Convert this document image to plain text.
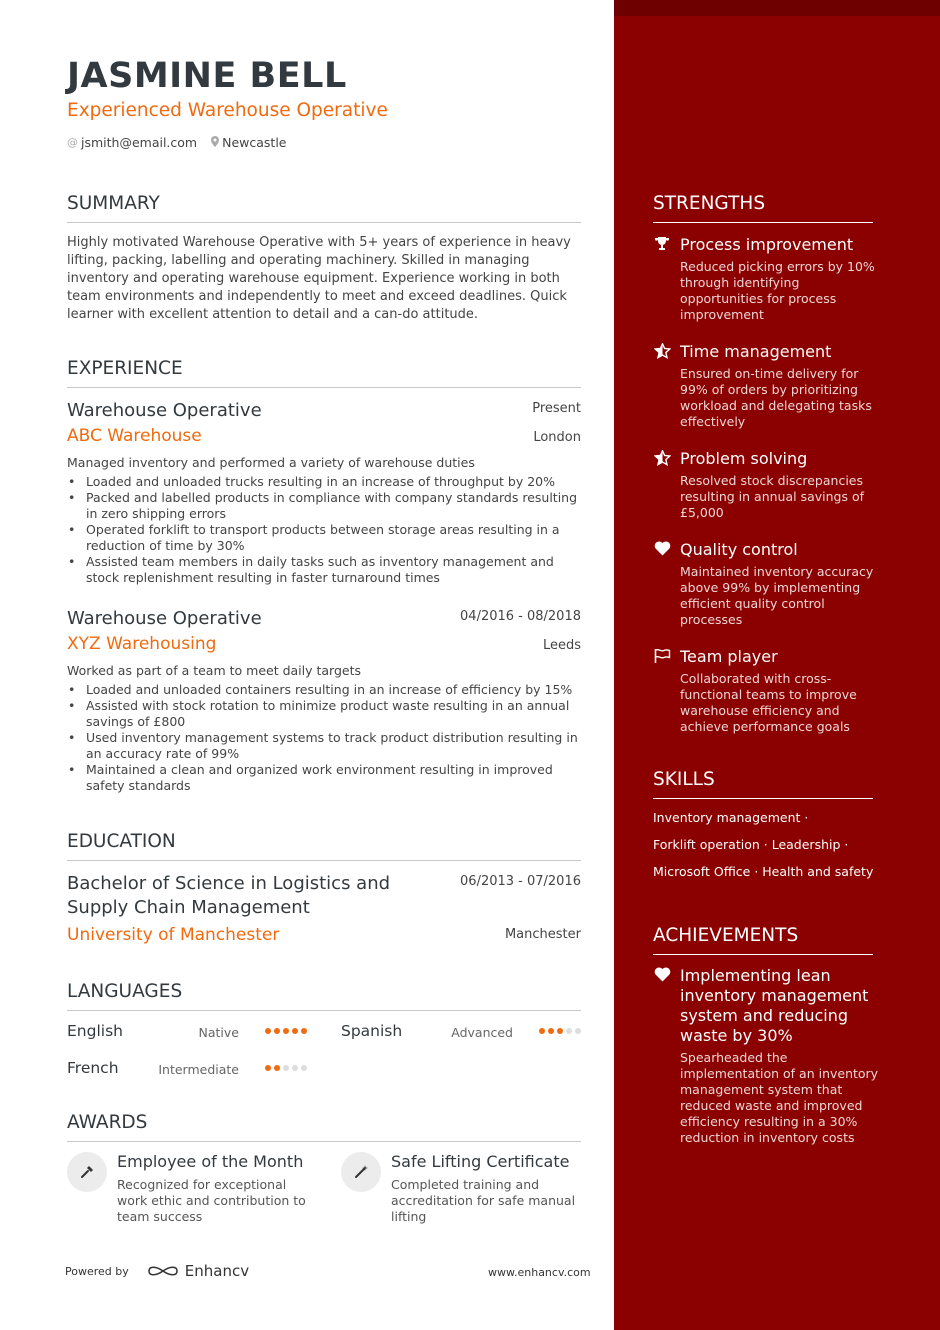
JASMINE BELL
Experienced Warehouse Operative
@ jsmith@email.com Newcastle
SUMMARY
Highly motivated Warehouse Operative with 5+ years of experience in heavy lifting, packing, labelling and operating machinery. Skilled in managing inventory and operating warehouse equipment. Experience working in both team environments and independently to meet and exceed deadlines. Quick learner with excellent attention to detail and a can-do attitude.
EXPERIENCE
Warehouse Operative	Present
ABC Warehouse	London
Managed inventory and performed a variety of warehouse duties
• Loaded and unloaded trucks resulting in an increase of throughput by 20%
• Packed and labelled products in compliance with company standards resulting in zero shipping errors
• Operated forklift to transport products between storage areas resulting in a reduction of time by 30%
• Assisted team members in daily tasks such as inventory management and stock replenishment resulting in faster turnaround times
Warehouse Operative	04/2016 - 08/2018
XYZ Warehousing	Leeds
Worked as part of a team to meet daily targets
• Loaded and unloaded containers resulting in an increase of efficiency by 15%
• Assisted with stock rotation to minimize product waste resulting in an annual savings of £800
• Used inventory management systems to track product distribution resulting in an accuracy rate of 99%
• Maintained a clean and organized work environment resulting in improved safety standards
EDUCATION
Bachelor of Science in Logistics and Supply Chain Management
06/2013 - 07/2016
University of Manchester	Manchester
LANGUAGES
English	Native	Spanish	Advanced
French	Intermediate
AWARDS
Employee of the Month
Recognized for exceptional work ethic and contribution to team success
Safe Lifting Certificate
Completed training and accreditation for safe manual lifting
Powered by	Enhancv	www.enhancv.com
STRENGTHS
Process improvement
Reduced picking errors by 10% through identifying opportunities for process improvement
Time management
Ensured on-time delivery for 99% of orders by prioritizing workload and delegating tasks effectively
Problem solving
Resolved stock discrepancies resulting in annual savings of £5,000
Quality control
Maintained inventory accuracy above 99% by implementing efficient quality control processes
Team player
Collaborated with cross-functional teams to improve warehouse efficiency and achieve performance goals
SKILLS
Inventory management ·
Forklift operation · Leadership ·
Microsoft Office · Health and safety
ACHIEVEMENTS
Implementing lean inventory management system and reducing waste by 30%
Spearheaded the implementation of an inventory management system that reduced waste and improved efficiency resulting in a 30% reduction in inventory costs
